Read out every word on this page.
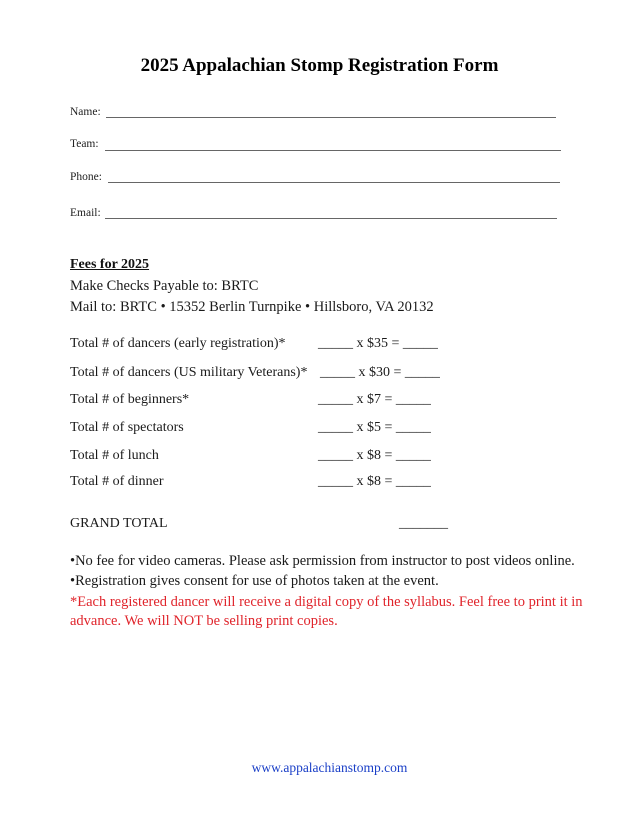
2025 Appalachian Stomp Registration Form
Name:
Team:
Phone:
Email:
Fees for 2025
Make Checks Payable to: BRTC
Mail to: BRTC • 15352 Berlin Turnpike • Hillsboro, VA 20132
Total # of dancers (early registration)* _____ x $35 = _____
Total # of dancers (US military Veterans)* _____ x $30 = _____
Total # of beginners*	_____ x $7 = _____
Total # of spectators	_____ x $5 = _____
Total # of lunch	_____ x $8 = _____
Total # of dinner	_____ x $8 = _____
GRAND TOTAL	_______
•No fee for video cameras. Please ask permission from instructor to post videos online.
•Registration gives consent for use of photos taken at the event.
*Each registered dancer will receive a digital copy of the syllabus. Feel free to print it in advance. We will NOT be selling print copies.
www.appalachianstomp.com
